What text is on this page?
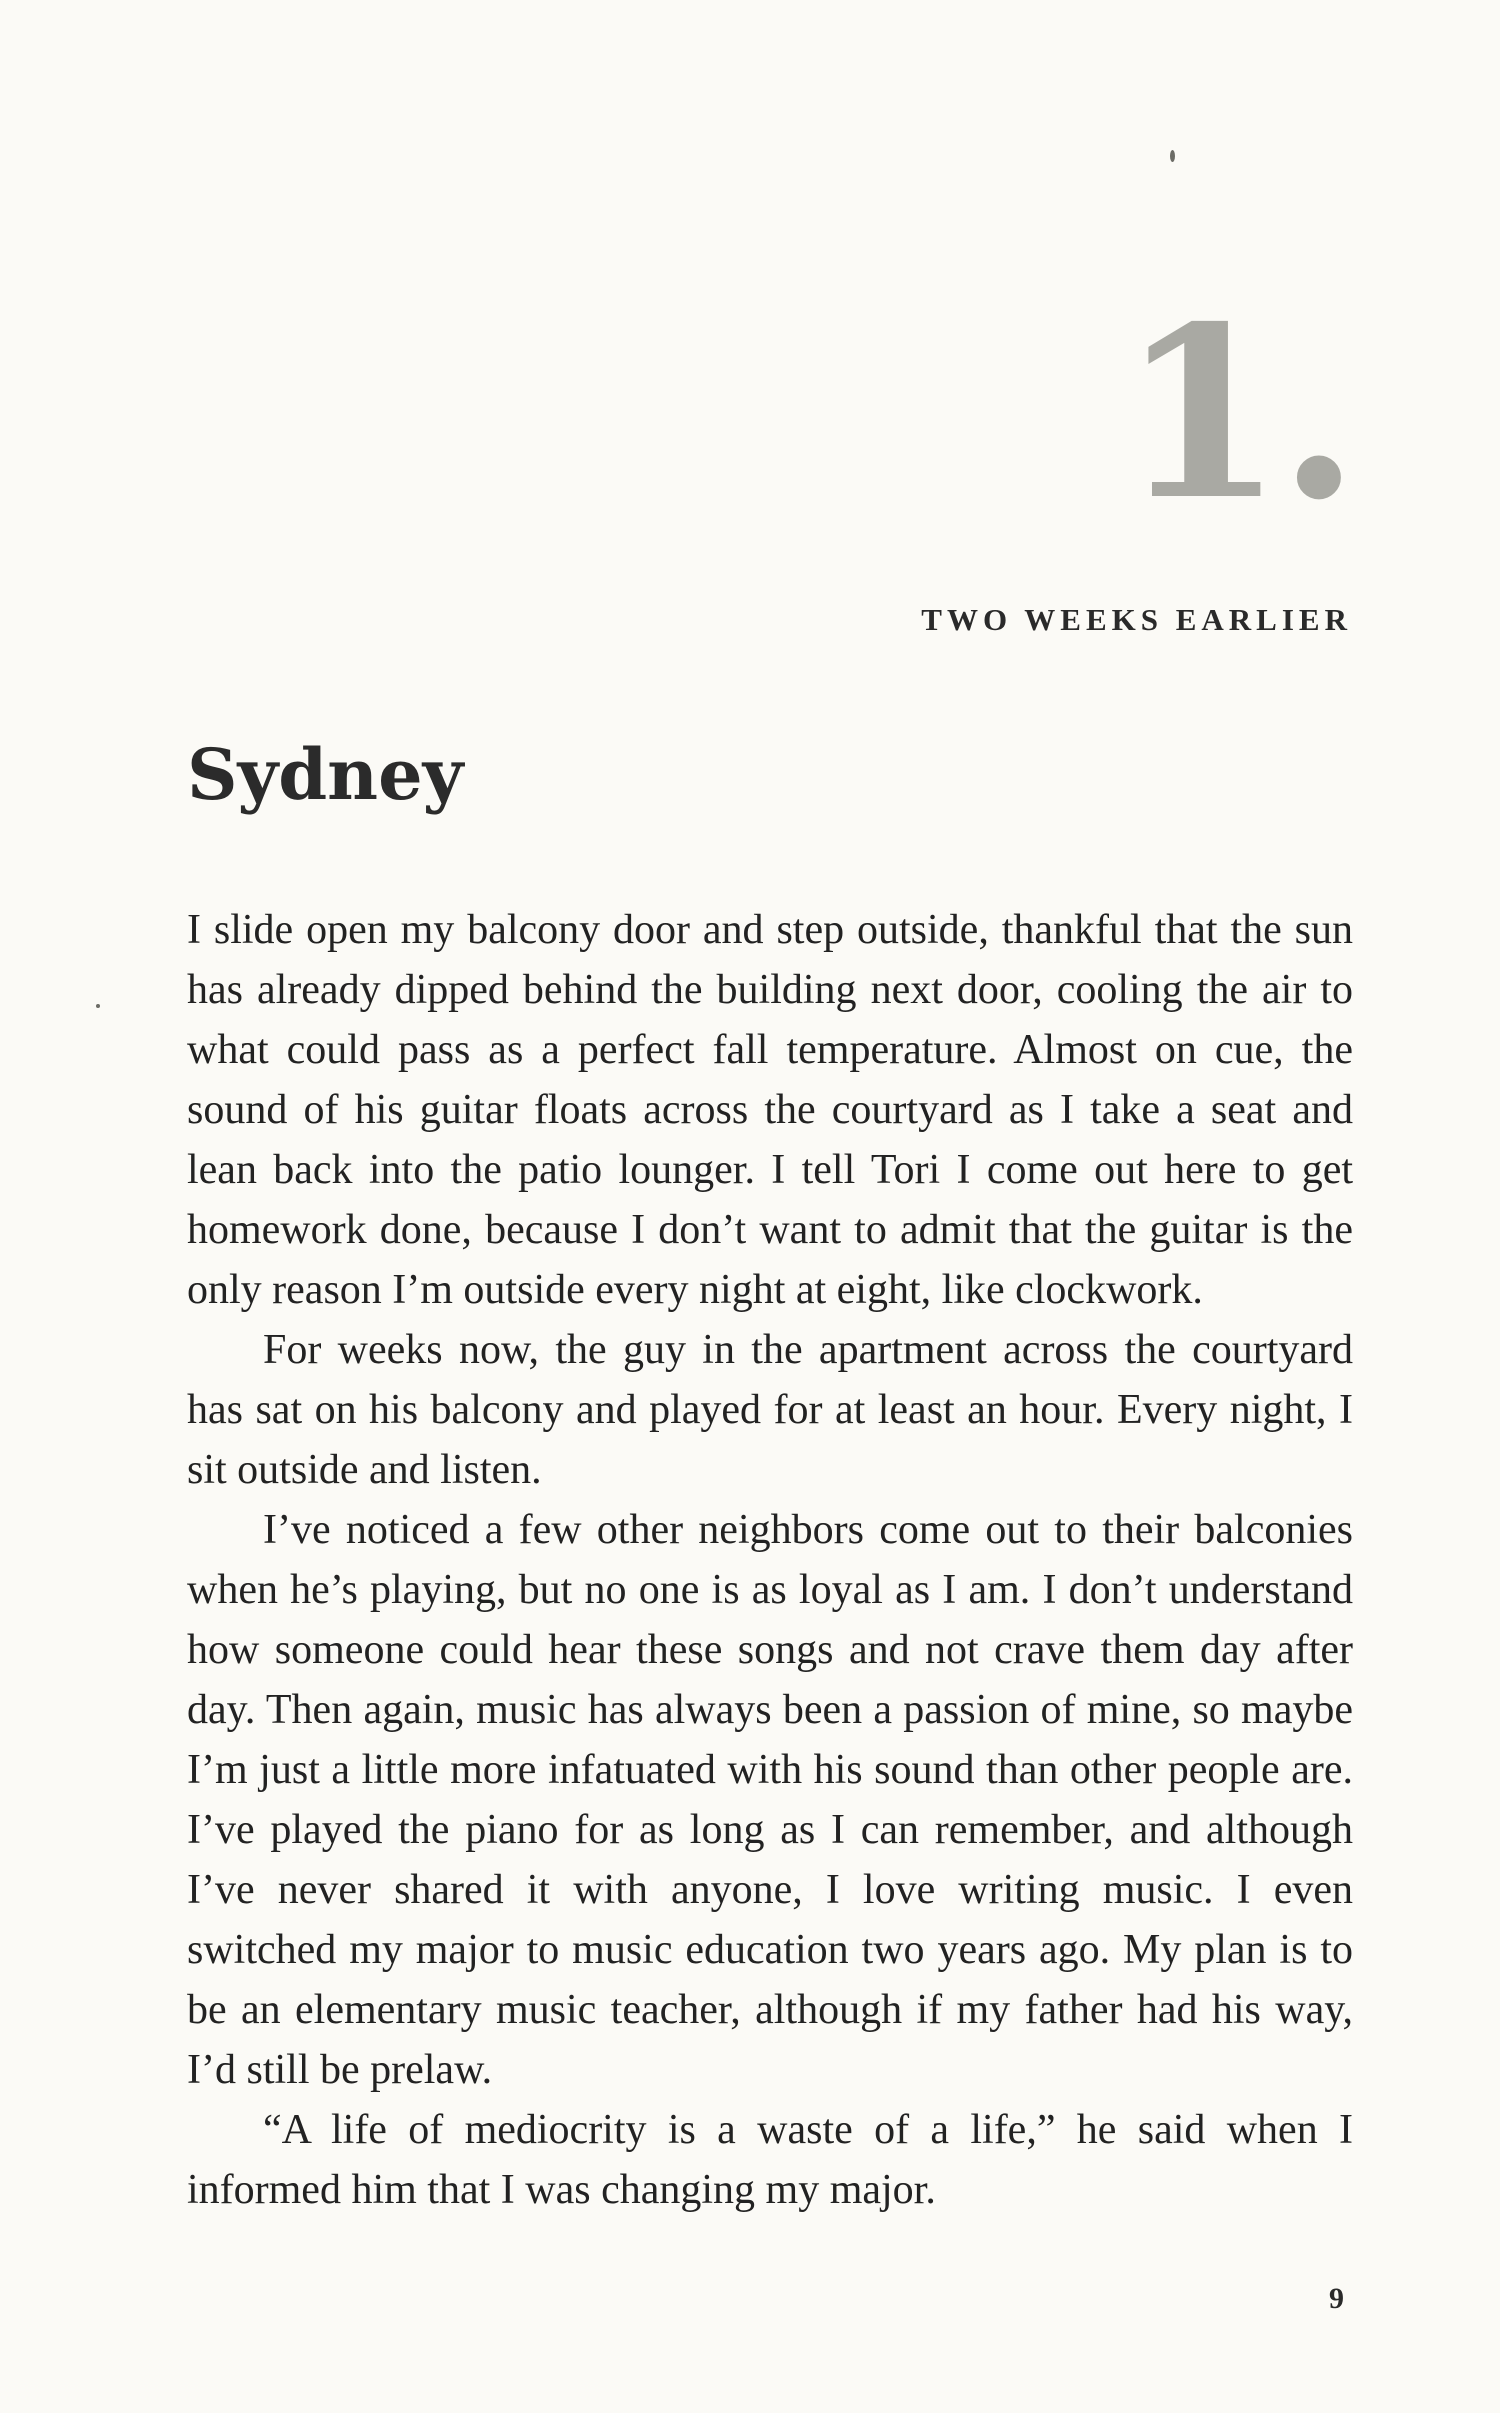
1.
TWO WEEKS EARLIER
Sydney

I slide open my balcony door and step outside, thankful that the sun has already dipped behind the building next door, cooling the air to what could pass as a perfect fall temperature. Almost on cue, the sound of his guitar floats across the courtyard as I take a seat and lean back into the patio lounger. I tell Tori I come out here to get homework done, because I don’t want to admit that the guitar is the only reason I’m outside every night at eight, like clockwork.

For weeks now, the guy in the apartment across the courtyard has sat on his balcony and played for at least an hour. Every night, I sit outside and listen.

I’ve noticed a few other neighbors come out to their balconies when he’s playing, but no one is as loyal as I am. I don’t understand how someone could hear these songs and not crave them day after day. Then again, music has always been a passion of mine, so maybe I’m just a little more infatuated with his sound than other people are. I’ve played the piano for as long as I can remember, and although I’ve never shared it with anyone, I love writing music. I even switched my major to music education two years ago. My plan is to be an elementary music teacher, although if my father had his way, I’d still be prelaw.

“A life of mediocrity is a waste of a life,” he said when I informed him that I was changing my major.

9
